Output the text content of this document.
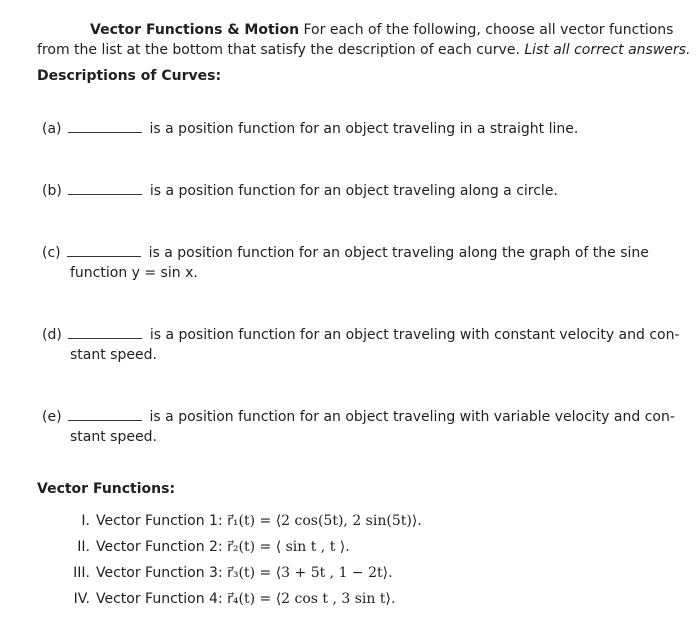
Vector Functions & Motion For each of the following, choose all vector functions
from the list at the bottom that satisfy the description of each curve. List all correct answers.
Descriptions of Curves:
(a)	is a position function for an object traveling in a straight line.
(b)	is a position function for an object traveling along a circle.
(c)	is a position function for an object traveling along the graph of the sine
function y = sin x.
(d)	is a position function for an object traveling with constant velocity and con-
stant speed.
(e)	is a position function for an object traveling with variable velocity and con-
stant speed.
Vector Functions:
I. Vector Function 1: r⃗₁(t) = ⟨2 cos(5t), 2 sin(5t)⟩.
II. Vector Function 2: r⃗₂(t) = ⟨ sin t , t ⟩.
III. Vector Function 3: r⃗₃(t) = ⟨3 + 5t , 1 − 2t⟩.
IV. Vector Function 4: r⃗₄(t) = ⟨2 cos t , 3 sin t⟩.
